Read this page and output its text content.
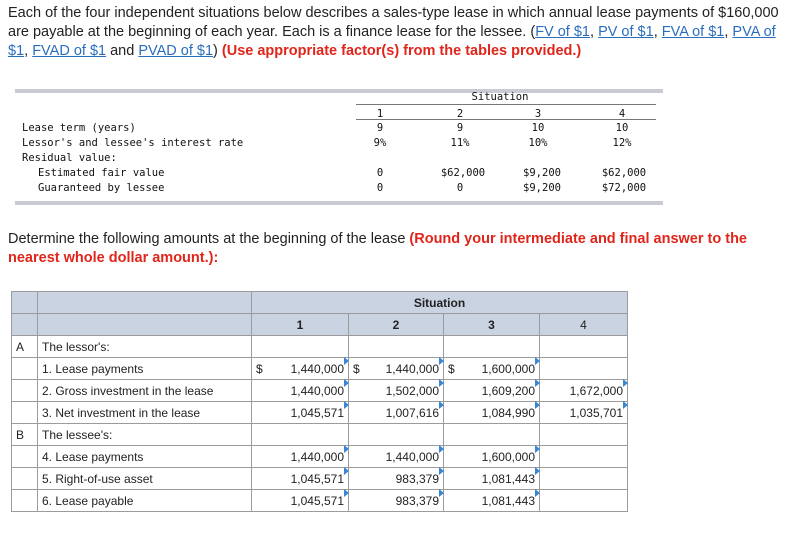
Each of the four independent situations below describes a sales-type lease in which annual lease payments of $160,000 are payable at the beginning of each year. Each is a finance lease for the lessee. (FV of $1, PV of $1, FVA of $1, PVA of $1, FVAD of $1 and PVAD of $1) (Use appropriate factor(s) from the tables provided.)
Situation
1	2	3	4
Lease term (years)	9	9	10	10
Lessor's and lessee's interest rate	9%	11%	10%	12%
Residual value:
Estimated fair value	0	$62,000	$9,200	$62,000
Guaranteed by lessee	0	0	$9,200	$72,000
Determine the following amounts at the beginning of the lease (Round your intermediate and final answer to the nearest whole dollar amount.):
		Situation			
		1	2	3	4
A	The lessor's:				
	1. Lease payments	$ 1,440,000	$ 1,440,000	$ 1,600,000

	2. Gross investment in the lease	1,440,000	1,502,000	1,609,200	1,672,000

	3. Net investment in the lease	1,045,571	1,007,616	1,084,990	1,035,701

B	The lessee's:				
	4. Lease payments	1,440,000	1,440,000	1,600,000

	5. Right-of-use asset	1,045,571	983,379	1,081,443

	6. Lease payable	1,045,571	983,379	1,081,443
